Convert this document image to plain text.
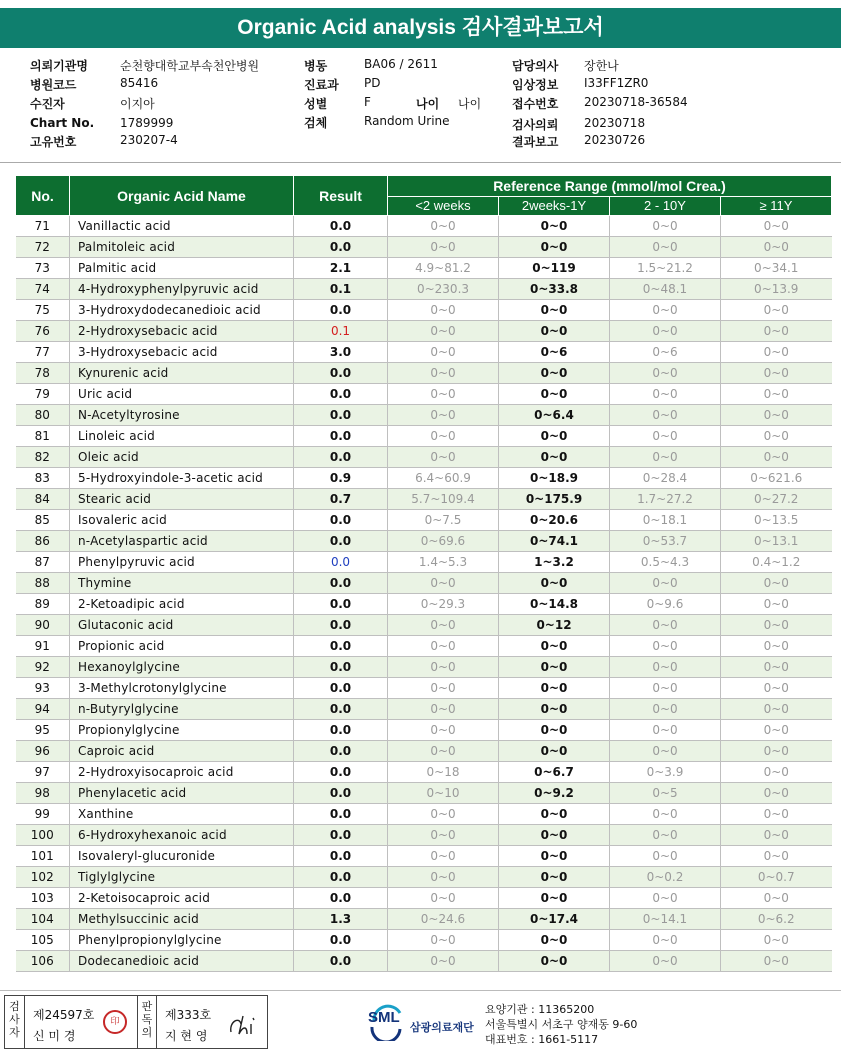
Organic Acid analysis 검사결과보고서
의뢰기관명	순천향대학교부속천안병원
병원코드	85416
수진자	이지아
Chart No. 1789999
고유번호	230207-4
병동	BA06 / 2611
진료과 PD
성별	F	나이 나이
검체	Random Urine
담당의사 장한나
임상정보 I33FF1ZR0
접수번호 20230718-36584
검사의뢰 20230718
결과보고 20230726
No.	Organic Acid Name	Result	Reference Range (mmol/mol Crea.)			
			<2 weeks	2weeks-1Y	2 - 10Y	≥ 11Y
71	Vanillactic acid	0.0	0~0	0~0	0~0	0~0
72	Palmitoleic acid	0.0	0~0	0~0	0~0	0~0
73	Palmitic acid	2.1	4.9~81.2	0~119	1.5~21.2	0~34.1
74	4-Hydroxyphenylpyruvic acid	0.1	0~230.3	0~33.8	0~48.1	0~13.9
75	3-Hydroxydodecanedioic acid	0.0	0~0	0~0	0~0	0~0
76	2-Hydroxysebacic acid	0.1	0~0	0~0	0~0	0~0
77	3-Hydroxysebacic acid	3.0	0~0	0~6	0~6	0~0
78	Kynurenic acid	0.0	0~0	0~0	0~0	0~0
79	Uric acid	0.0	0~0	0~0	0~0	0~0
80	N-Acetyltyrosine	0.0	0~0	0~6.4	0~0	0~0
81	Linoleic acid	0.0	0~0	0~0	0~0	0~0
82	Oleic acid	0.0	0~0	0~0	0~0	0~0
83	5-Hydroxyindole-3-acetic acid	0.9	6.4~60.9	0~18.9	0~28.4	0~621.6
84	Stearic acid	0.7	5.7~109.4	0~175.9	1.7~27.2	0~27.2
85	Isovaleric acid	0.0	0~7.5	0~20.6	0~18.1	0~13.5
86	n-Acetylaspartic acid	0.0	0~69.6	0~74.1	0~53.7	0~13.1
87	Phenylpyruvic acid	0.0	1.4~5.3	1~3.2	0.5~4.3	0.4~1.2
88	Thymine	0.0	0~0	0~0	0~0	0~0
89	2-Ketoadipic acid	0.0	0~29.3	0~14.8	0~9.6	0~0
90	Glutaconic acid	0.0	0~0	0~12	0~0	0~0
91	Propionic acid	0.0	0~0	0~0	0~0	0~0
92	Hexanoylglycine	0.0	0~0	0~0	0~0	0~0
93	3-Methylcrotonylglycine	0.0	0~0	0~0	0~0	0~0
94	n-Butyrylglycine	0.0	0~0	0~0	0~0	0~0
95	Propionylglycine	0.0	0~0	0~0	0~0	0~0
96	Caproic acid	0.0	0~0	0~0	0~0	0~0
97	2-Hydroxyisocaproic acid	0.0	0~18	0~6.7	0~3.9	0~0
98	Phenylacetic acid	0.0	0~10	0~9.2	0~5	0~0
99	Xanthine	0.0	0~0	0~0	0~0	0~0
100	6-Hydroxyhexanoic acid	0.0	0~0	0~0	0~0	0~0
101	Isovaleryl-glucuronide	0.0	0~0	0~0	0~0	0~0
102	Tiglylglycine	0.0	0~0	0~0	0~0.2	0~0.7
103	2-Ketoisocaproic acid	0.0	0~0	0~0	0~0	0~0
104	Methylsuccinic acid	1.3	0~24.6	0~17.4	0~14.1	0~6.2
105	Phenylpropionylglycine	0.0	0~0	0~0	0~0	0~0
106	Dodecanedioic acid	0.0	0~0	0~0	0~0	0~0
검사자
제24597호
신 미 경
印
판독의
제333호
지 현 영
SML
삼광의료재단
요양기관 : 11365200
서울특별시 서초구 양재동 9-60
대표번호 : 1661-5117
